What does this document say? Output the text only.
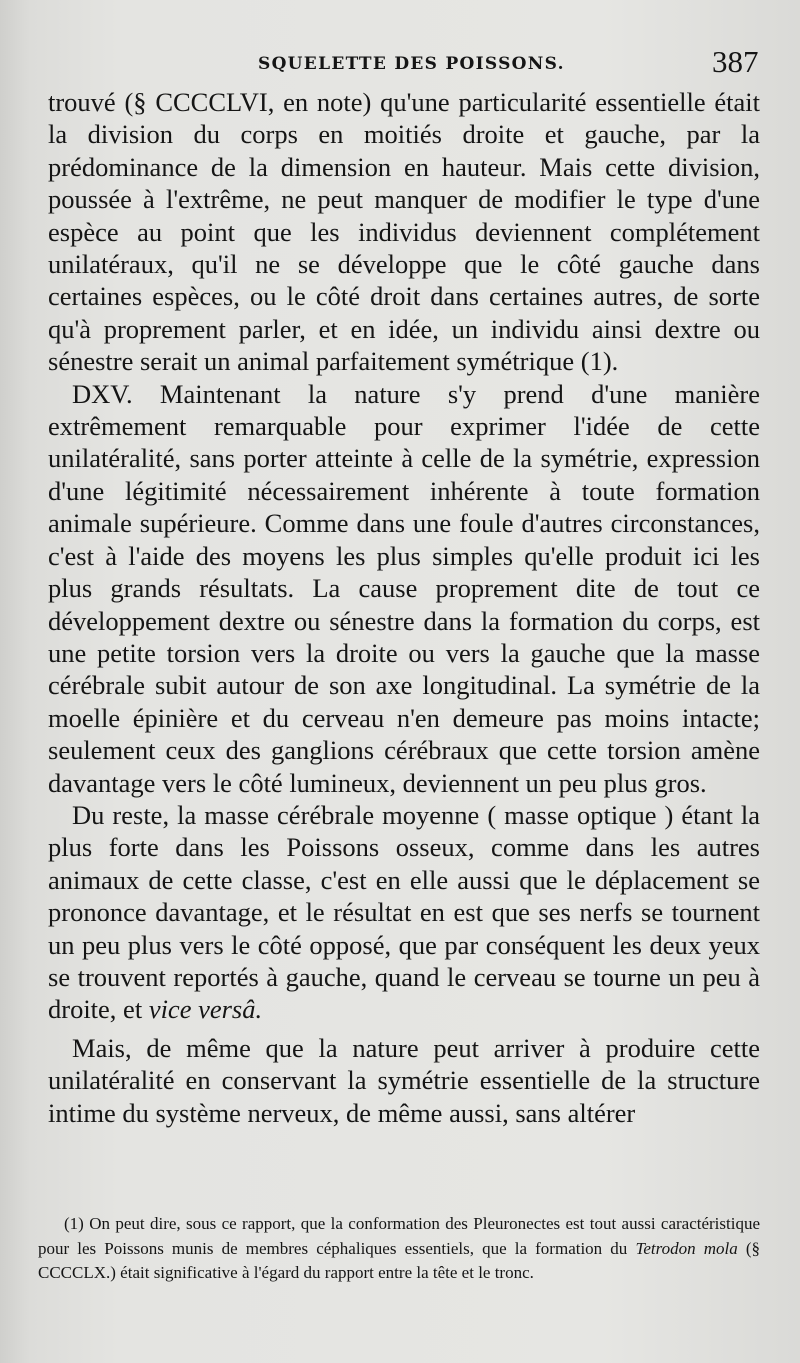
SQUELETTE DES POISSONS.	387

trouvé (§ CCCCLVI, en note) qu'une particularité essentielle était la division du corps en moitiés droite et gauche, par la prédominance de la dimension en hauteur. Mais cette division, poussée à l'extrême, ne peut manquer de modifier le type d'une espèce au point que les individus deviennent complétement unilatéraux, qu'il ne se développe que le côté gauche dans certaines espèces, ou le côté droit dans certaines autres, de sorte qu'à proprement parler, et en idée, un individu ainsi dextre ou sénestre serait un animal parfaitement symétrique (1).

DXV. Maintenant la nature s'y prend d'une manière extrêmement remarquable pour exprimer l'idée de cette unilatéralité, sans porter atteinte à celle de la symétrie, expression d'une légitimité nécessairement inhérente à toute formation animale supérieure. Comme dans une foule d'autres circonstances, c'est à l'aide des moyens les plus simples qu'elle produit ici les plus grands résultats. La cause proprement dite de tout ce développement dextre ou sénestre dans la formation du corps, est une petite torsion vers la droite ou vers la gauche que la masse cérébrale subit autour de son axe longitudinal. La symétrie de la moelle épinière et du cerveau n'en demeure pas moins intacte; seulement ceux des ganglions cérébraux que cette torsion amène davantage vers le côté lumineux, deviennent un peu plus gros.

Du reste, la masse cérébrale moyenne ( masse optique ) étant la plus forte dans les Poissons osseux, comme dans les autres animaux de cette classe, c'est en elle aussi que le déplacement se prononce davantage, et le résultat en est que ses nerfs se tournent un peu plus vers le côté opposé, que par conséquent les deux yeux se trouvent reportés à gauche, quand le cerveau se tourne un peu à droite, et vice versâ.

Mais, de même que la nature peut arriver à produire cette unilatéralité en conservant la symétrie essentielle de la structure intime du système nerveux, de même aussi, sans altérer

(1) On peut dire, sous ce rapport, que la conformation des Pleuronectes est tout aussi caractéristique pour les Poissons munis de membres céphaliques essentiels, que la formation du Tetrodon mola (§ CCCCLX.) était significative à l'égard du rapport entre la tête et le tronc.
